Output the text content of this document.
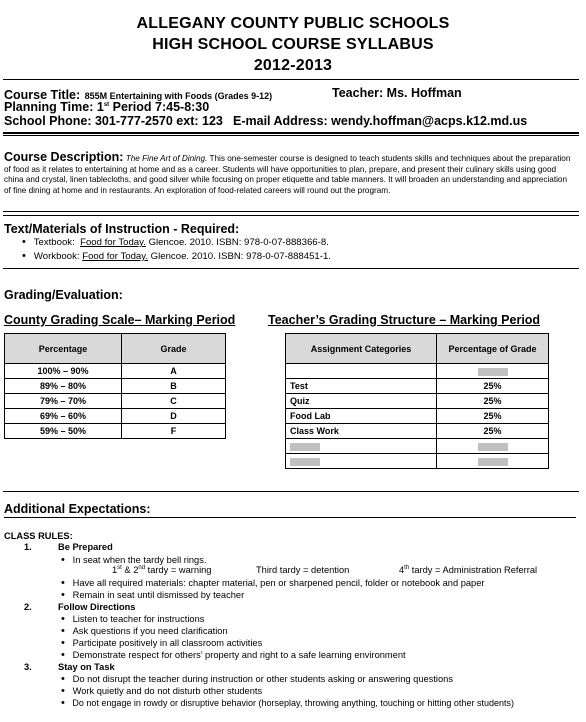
ALLEGANY COUNTY PUBLIC SCHOOLS
HIGH SCHOOL COURSE SYLLABUS
2012-2013
Course Title: 855M Entertaining with Foods (Grades 9-12)	Teacher: Ms. Hoffman
Planning Time: 1st Period 7:45-8:30
School Phone: 301-777-2570 ext: 123 E-mail Address: wendy.hoffman@acps.k12.md.us
Course Description: The Fine Art of Dining. This one-semester course is designed to teach students skills and techniques about the preparation of food as it relates to entertaining at home and as a career. Students will have opportunities to plan, prepare, and present their culinary skills using good china and crystal, linen tablecloths, and good silver while focusing on proper etiquette and table manners. It will broaden an understanding and appreciation of fine dining at home and in restaurants. An exploration of food-related careers will round out the program.
Text/Materials of Instruction - Required:
• Textbook: Food for Today. Glencoe. 2010. ISBN: 978-0-07-888366-8.
• Workbook: Food for Today. Glencoe. 2010. ISBN: 978-0-07-888451-1.
Grading/Evaluation:
County Grading Scale– Marking Period	Teacher’s Grading Structure – Marking Period
Percentage	Grade
100% – 90%	A
89% – 80%	B
79% – 70%	C
69% – 60%	D
59% – 50%	F
Assignment Categories	Percentage of Grade

Test	25%
Quiz	25%
Food Lab	25%
Class Work	25%

Additional Expectations:
CLASS RULES:
1.	Be Prepared
• In seat when the tardy bell rings.
1st & 2nd tardy = warning	Third tardy = detention	4th tardy = Administration Referral
• Have all required materials: chapter material, pen or sharpened pencil, folder or notebook and paper
• Remain in seat until dismissed by teacher
2.	Follow Directions
• Listen to teacher for instructions
• Ask questions if you need clarification
• Participate positively in all classroom activities
• Demonstrate respect for others’ property and right to a safe learning environment
3.	Stay on Task
• Do not disrupt the teacher during instruction or other students asking or answering questions
• Work quietly and do not disturb other students
• Do not engage in rowdy or disruptive behavior (horseplay, throwing anything, touching or hitting other students)
